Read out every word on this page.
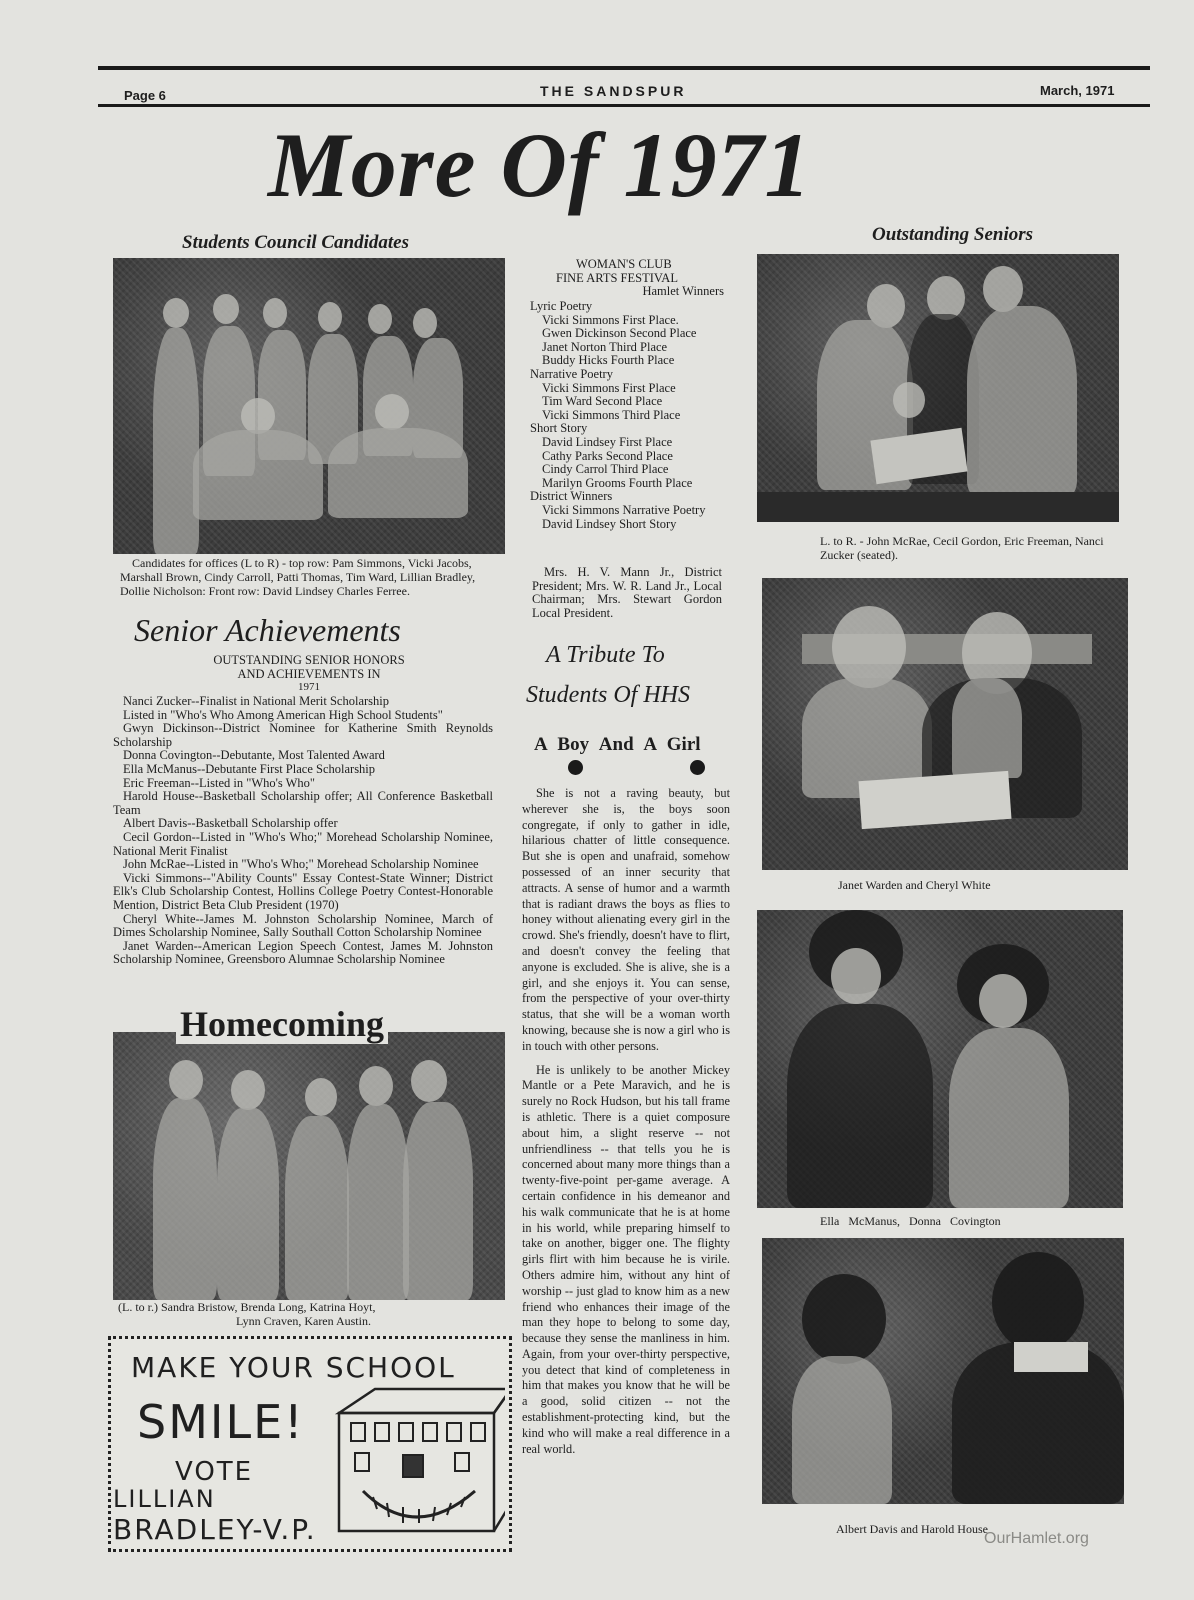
Page 6	THE SANDSPUR	March, 1971
More Of 1971
Students Council Candidates
Candidates for offices (L to R) - top row: Pam Simmons, Vicki Jacobs, Marshall Brown, Cindy Carroll, Patti Thomas, Tim Ward, Lillian Bradley, Dollie Nicholson: Front row: David Lindsey Charles Ferree.
Senior Achievements
OUTSTANDING SENIOR HONORS
AND ACHIEVEMENTS IN
1971
Nanci Zucker--Finalist in National Merit Scholarship
Listed in "Who's Who Among American High School Students"
Gwyn Dickinson--District Nominee for Katherine Smith Reynolds Scholarship
Donna Covington--Debutante, Most Talented Award
Ella McManus--Debutante First Place Scholarship
Eric Freeman--Listed in "Who's Who"
Harold House--Basketball Scholarship offer; All Conference Basketball Team
Albert Davis--Basketball Scholarship offer
Cecil Gordon--Listed in "Who's Who;" Morehead Scholarship Nominee, National Merit Finalist
John McRae--Listed in "Who's Who;" Morehead Scholarship Nominee
Vicki Simmons--"Ability Counts" Essay Contest-State Winner; District Elk's Club Scholarship Contest, Hollins College Poetry Contest-Honorable Mention, District Beta Club President (1970)
Cheryl White--James M. Johnston Scholarship Nominee, March of Dimes Scholarship Nominee, Sally Southall Cotton Scholarship Nominee
Janet Warden--American Legion Speech Contest, James M. Johnston Scholarship Nominee, Greensboro Alumnae Scholarship Nominee
Homecoming
(L. to r.) Sandra Bristow, Brenda Long, Katrina Hoyt,
Lynn Craven, Karen Austin.
MAKE YOUR SCHOOL
SMILE!
VOTE
LILLIAN
BRADLEY-V.P.
WOMAN'S CLUB
FINE ARTS FESTIVAL
Hamlet Winners
Lyric Poetry
Vicki Simmons First Place.
Gwen Dickinson Second Place
Janet Norton Third Place
Buddy Hicks Fourth Place
Narrative Poetry
Vicki Simmons First Place
Tim Ward Second Place
Vicki Simmons Third Place
Short Story
David Lindsey First Place
Cathy Parks Second Place
Cindy Carrol Third Place
Marilyn Grooms Fourth Place
District Winners
Vicki Simmons Narrative Poetry
David Lindsey Short Story
Mrs. H. V. Mann Jr., District President; Mrs. W. R. Land Jr., Local Chairman; Mrs. Stewart Gordon Local President.
A Tribute To
Students Of HHS
A Boy And A Girl

She is not a raving beauty, but wherever she is, the boys soon congregate, if only to gather in idle, hilarious chatter of little consequence. But she is open and unafraid, somehow possessed of an inner security that attracts. A sense of humor and a warmth that is radiant draws the boys as flies to honey without alienating every girl in the crowd. She's friendly, doesn't have to flirt, and doesn't convey the feeling that anyone is excluded. She is alive, she is a girl, and she enjoys it. You can sense, from the perspective of your over-thirty status, that she will be a woman worth knowing, because she is now a girl who is in touch with other persons.

He is unlikely to be another Mickey Mantle or a Pete Maravich, and he is surely no Rock Hudson, but his tall frame is athletic. There is a quiet composure about him, a slight reserve -- not unfriendliness -- that tells you he is concerned about many more things than a twenty-five-point per-game average. A certain confidence in his demeanor and his walk communicate that he is at home in his world, while preparing himself to take on another, bigger one. The flighty girls flirt with him because he is virile. Others admire him, without any hint of worship -- just glad to know him as a new friend who enhances their image of the man they hope to belong to some day, because they sense the manliness in him. Again, from your over-thirty perspective, you detect that kind of completeness in him that makes you know that he will be a good, solid citizen -- not the establishment-protecting kind, but the kind who will make a real difference in a real world.

Outstanding Seniors
L. to R. - John McRae, Cecil Gordon, Eric Freeman, Nanci Zucker (seated).
Janet Warden and Cheryl White
Ella McManus, Donna Covington
Albert Davis and Harold House
OurHamlet.org
